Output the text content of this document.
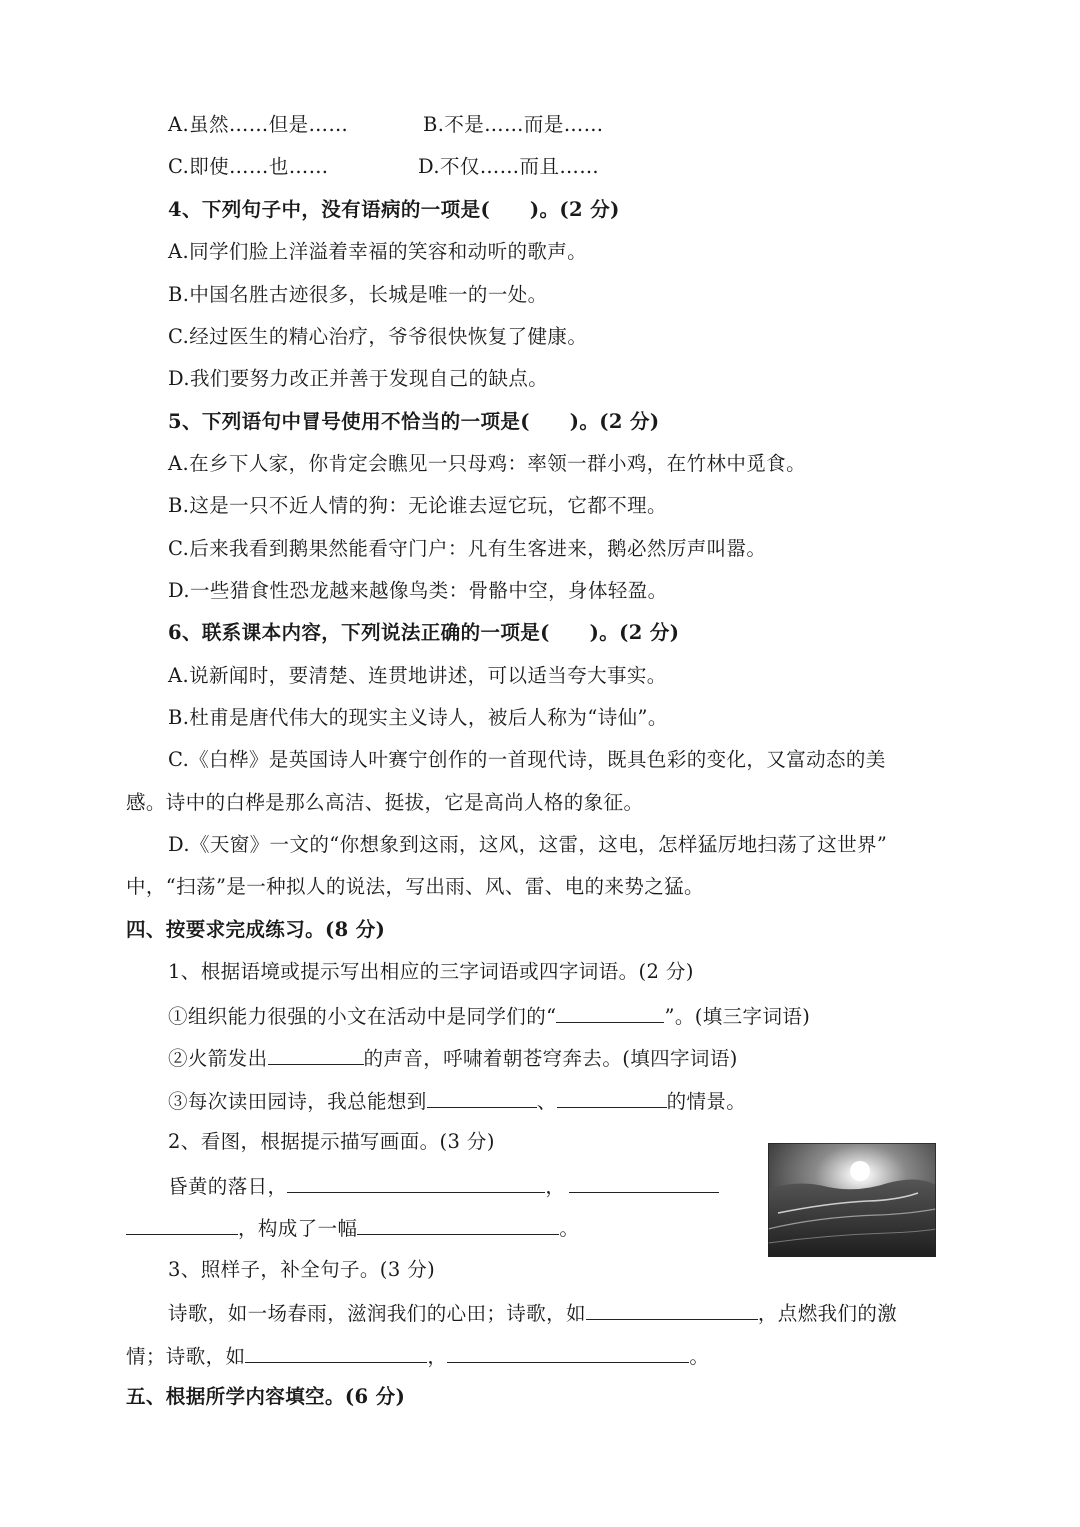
A.虽然……但是……	B.不是……而是……
C.即使……也……	D.不仅……而且……
4、下列句子中，没有语病的一项是(　　)。(2 分)
A.同学们脸上洋溢着幸福的笑容和动听的歌声。
B.中国名胜古迹很多，长城是唯一的一处。
C.经过医生的精心治疗，爷爷很快恢复了健康。
D.我们要努力改正并善于发现自己的缺点。
5、下列语句中冒号使用不恰当的一项是(　　)。(2 分)
A.在乡下人家，你肯定会瞧见一只母鸡：率领一群小鸡，在竹林中觅食。
B.这是一只不近人情的狗：无论谁去逗它玩，它都不理。
C.后来我看到鹅果然能看守门户：凡有生客进来，鹅必然厉声叫嚣。
D.一些猎食性恐龙越来越像鸟类：骨骼中空，身体轻盈。
6、联系课本内容，下列说法正确的一项是(　　)。(2 分)
A.说新闻时，要清楚、连贯地讲述，可以适当夸大事实。
B.杜甫是唐代伟大的现实主义诗人，被后人称为“诗仙”。
C.《白桦》是英国诗人叶赛宁创作的一首现代诗，既具色彩的变化，又富动态的美
感。诗中的白桦是那么高洁、挺拔，它是高尚人格的象征。
D.《天窗》一文的“你想象到这雨，这风，这雷，这电，怎样猛厉地扫荡了这世界”
中，“扫荡”是一种拟人的说法，写出雨、风、雷、电的来势之猛。
四、按要求完成练习。(8 分)
1、根据语境或提示写出相应的三字词语或四字词语。(2 分)
①组织能力很强的小文在活动中是同学们的“	”。(填三字词语)
②火箭发出	的声音，呼啸着朝苍穹奔去。(填四字词语)
③每次读田园诗，我总能想到	、	的情景。
2、看图，根据提示描写画面。(3 分)
昏黄的落日，	，
，构成了一幅	。
3、照样子，补全句子。(3 分)
诗歌，如一场春雨，滋润我们的心田；诗歌，如	，点燃我们的激
情；诗歌，如	，	。
五、根据所学内容填空。(6 分)
